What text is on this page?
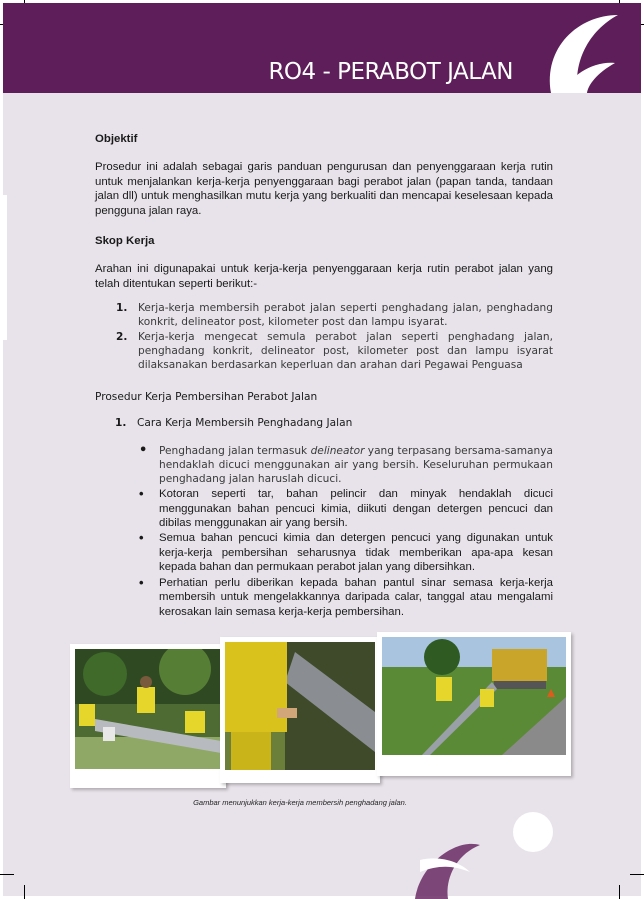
RO4 - PERABOT JALAN

Objektif

Prosedur ini adalah sebagai garis panduan pengurusan dan penyenggaraan kerja rutin untuk menjalankan kerja-kerja penyenggaraan bagi perabot jalan (papan tanda, tandaan jalan dll) untuk menghasilkan mutu kerja yang berkualiti dan mencapai keselesaan kepada pengguna jalan raya.

Skop Kerja

Arahan ini digunapakai untuk kerja-kerja penyenggaraan kerja rutin perabot jalan yang telah ditentukan seperti berikut:-

1. Kerja-kerja membersih perabot jalan seperti penghadang jalan, penghadang konkrit, delineator post, kilometer post dan lampu isyarat.
2. Kerja-kerja mengecat semula perabot jalan seperti penghadang jalan, penghadang konkrit, delineator post, kilometer post dan lampu isyarat dilaksanakan berdasarkan keperluan dan arahan dari Pegawai Penguasa

Prosedur Kerja Pembersihan Perabot Jalan

1. Cara Kerja Membersih Penghadang Jalan
• Penghadang jalan termasuk delineator yang terpasang bersama-samanya hendaklah dicuci menggunakan air yang bersih. Keseluruhan permukaan penghadang jalan haruslah dicuci.
• Kotoran seperti tar, bahan pelincir dan minyak hendaklah dicuci menggunakan bahan pencuci kimia, diikuti dengan detergen pencuci dan dibilas menggunakan air yang bersih.
• Semua bahan pencuci kimia dan detergen pencuci yang digunakan untuk kerja-kerja pembersihan seharusnya tidak memberikan apa-apa kesan kepada bahan dan permukaan perabot jalan yang dibersihkan.
• Perhatian perlu diberikan kepada bahan pantul sinar semasa kerja-kerja membersih untuk mengelakkannya daripada calar, tanggal atau mengalami kerosakan lain semasa kerja-kerja pembersihan.
Gambar menunjukkan kerja-kerja membersih penghadang jalan.
